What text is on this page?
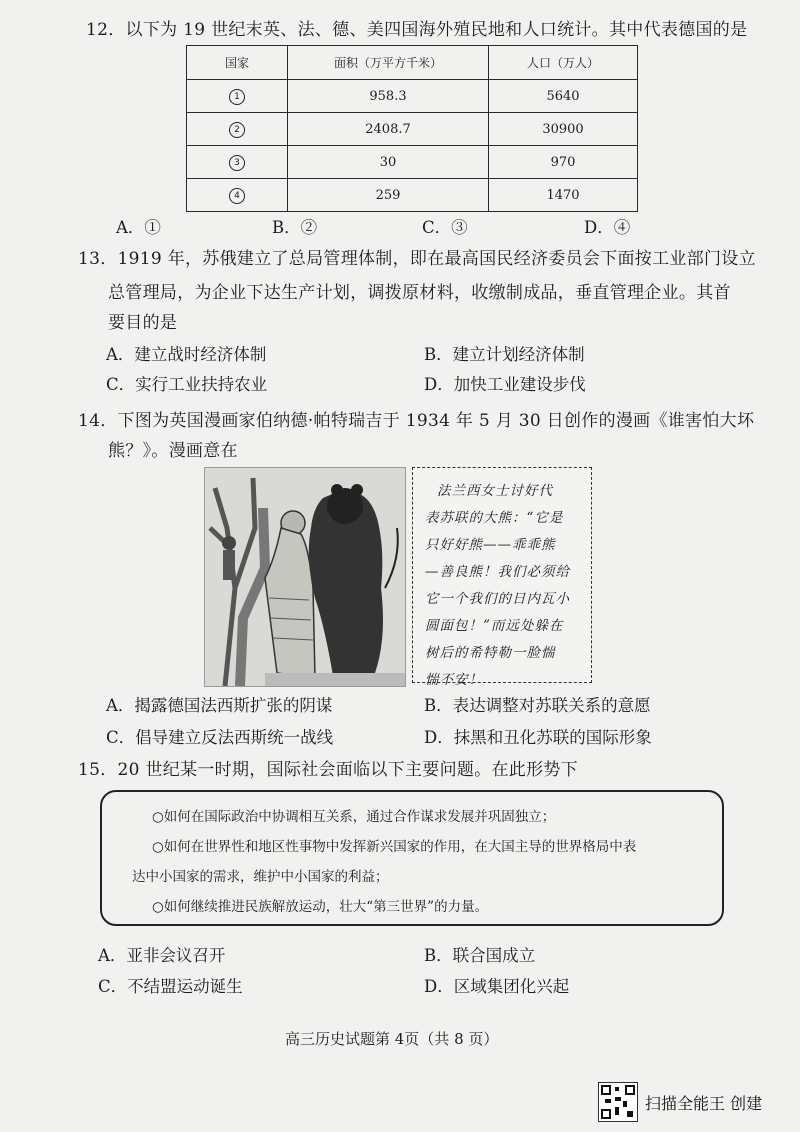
12．以下为 19 世纪末英、法、德、美四国海外殖民地和人口统计。其中代表德国的是
国家	面积（万平方千米）	人口（万人）
1	958.3	5640
2	2408.7	30900
3	30	970
4	259	1470
A．①	B．②	C．③	D．④
13．1919 年，苏俄建立了总局管理体制，即在最高国民经济委员会下面按工业部门设立
总管理局，为企业下达生产计划，调拨原材料，收缴制成品，垂直管理企业。其首
要目的是
A．建立战时经济体制	B．建立计划经济体制
C．实行工业扶持农业	D．加快工业建设步伐
14．下图为英国漫画家伯纳德·帕特瑞吉于 1934 年 5 月 30 日创作的漫画《谁害怕大坏
熊？》。漫画意在
法兰西女士讨好代
表苏联的大熊：“它是
只好好熊——乖乖熊
—善良熊！我们必须给
它一个我们的日内瓦小
圆面包！”而远处躲在
树后的希特勒一脸惴
惴不安！
A．揭露德国法西斯扩张的阴谋	B．表达调整对苏联关系的意愿
C．倡导建立反法西斯统一战线	D．抹黑和丑化苏联的国际形象
15．20 世纪某一时期，国际社会面临以下主要问题。在此形势下
○如何在国际政治中协调相互关系，通过合作谋求发展并巩固独立；
○如何在世界性和地区性事物中发挥新兴国家的作用，在大国主导的世界格局中表
达中小国家的需求，维护中小国家的利益；
○如何继续推进民族解放运动，壮大“第三世界”的力量。
A．亚非会议召开	B．联合国成立
C．不结盟运动诞生	D．区域集团化兴起
高三历史试题第 4页（共 8 页）
扫描全能王 创建
